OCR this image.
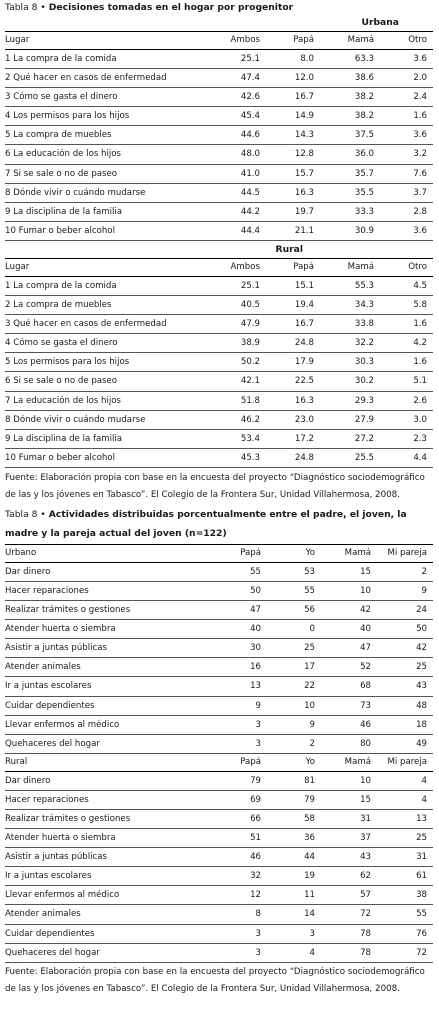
Tabla 8 • Decisiones tomadas en el hogar por progenitor
Urbana
Lugar	Ambos	Papá	Mamá	Otro
1 La compra de la comida	25.1	8.0	63.3	3.6
2 Qué hacer en casos de enfermedad	47.4	12.0	38.6	2.0
3 Cómo se gasta el dinero	42.6	16.7	38.2	2.4
4 Los permisos para los hijos	45.4	14.9	38.2	1.6
5 La compra de muebles	44.6	14.3	37.5	3.6
6 La educación de los hijos	48.0	12.8	36.0	3.2
7 Si se sale o no de paseo	41.0	15.7	35.7	7.6
8 Dónde vivir o cuándo mudarse	44.5	16.3	35.5	3.7
9 La disciplina de la familia	44.2	19.7	33.3	2.8
10 Fumar o beber alcohol	44.4	21.1	30.9	3.6
Rural
Lugar	Ambos	Papá	Mamá	Otro
1 La compra de la comida	25.1	15.1	55.3	4.5
2 La compra de muebles	40.5	19.4	34.3	5.8
3 Qué hacer en casos de enfermedad	47.9	16.7	33.8	1.6
4 Cómo se gasta el dinero	38.9	24.8	32.2	4.2
5 Los permisos para los hijos	50.2	17.9	30.3	1.6
6 Si se sale o no de paseo	42.1	22.5	30.2	5.1
7 La educación de los hijos	51.8	16.3	29.3	2.6
8 Dónde vivir o cuándo mudarse	46.2	23.0	27.9	3.0
9 La disciplina de la familia	53.4	17.2	27.2	2.3
10 Fumar o beber alcohol	45.3	24.8	25.5	4.4
Fuente: Elaboración propia con base en la encuesta del proyecto “Diagnóstico sociodemográfico de las y los jóvenes en Tabasco”. El Colegio de la Frontera Sur, Unidad Villahermosa, 2008.
Tabla 8 • Actividades distribuidas porcentualmente entre el padre, el joven, la madre y la pareja actual del joven (n=122)
Urbano	Papá	Yo	Mamá	Mi pareja
Dar dinero	55	53	15	2
Hacer reparaciones	50	55	10	9
Realizar trámites o gestiones	47	56	42	24
Atender huerta o siembra	40	0	40	50
Asistir a juntas públicas	30	25	47	42
Atender animales	16	17	52	25
Ir a juntas escolares	13	22	68	43
Cuidar dependientes	9	10	73	48
Llevar enfermos al médico	3	9	46	18
Quehaceres del hogar	3	2	80	49
Rural	Papá	Yo	Mamá	Mi pareja
Dar dinero	79	81	10	4
Hacer reparaciones	69	79	15	4
Realizar trámites o gestiones	66	58	31	13
Atender huerta o siembra	51	36	37	25
Asistir a juntas públicas	46	44	43	31
Ir a juntas escolares	32	19	62	61
Llevar enfermos al médico	12	11	57	38
Atender animales	8	14	72	55
Cuidar dependientes	3	3	78	76
Quehaceres del hogar	3	4	78	72
Fuente: Elaboración propia con base en la encuesta del proyecto “Diagnóstico sociodemográfico de las y los jóvenes en Tabasco”. El Colegio de la Frontera Sur, Unidad Villahermosa, 2008.
